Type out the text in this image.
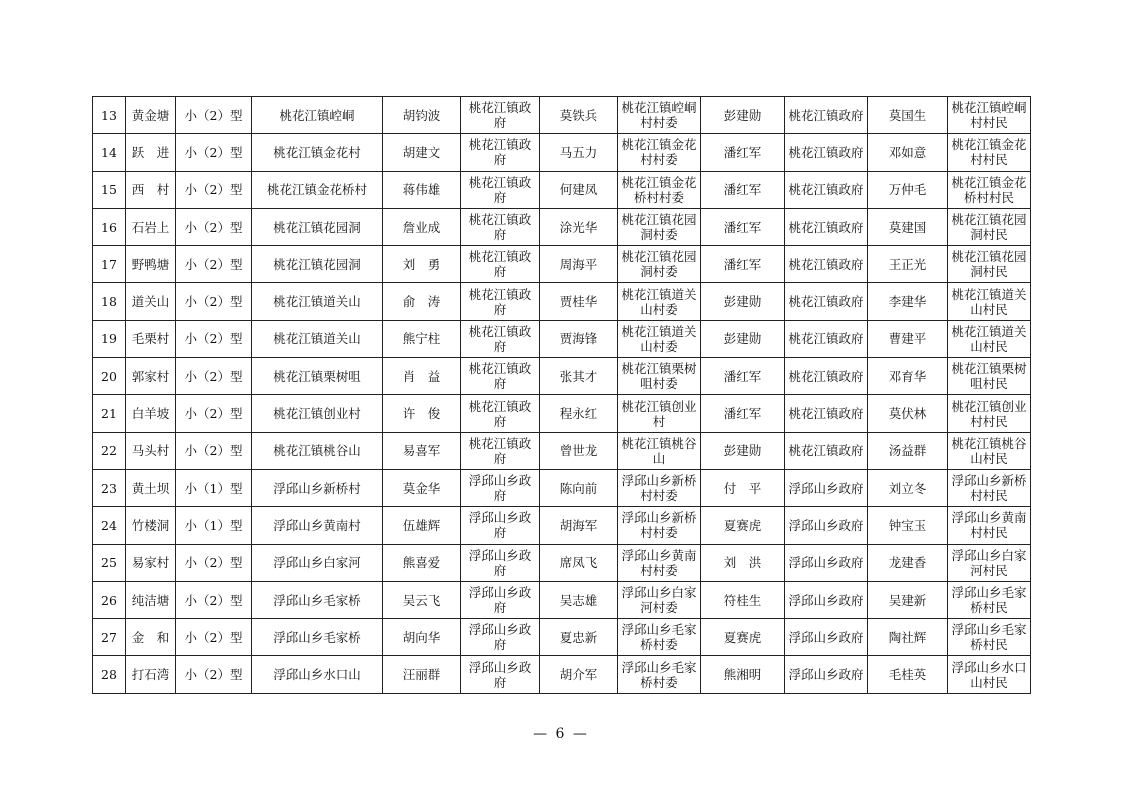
13	黄金塘	小（2）型	桃花江镇崆峒	胡钧波	桃花江镇政府	莫铁兵	桃花江镇崆峒村村委	彭建勋	桃花江镇政府	莫国生	桃花江镇崆峒村村民
14	跃　进	小（2）型	桃花江镇金花村	胡建文	桃花江镇政府	马五力	桃花江镇金花村村委	潘红军	桃花江镇政府	邓如意	桃花江镇金花村村民
15	西　村	小（2）型	桃花江镇金花桥村	蒋伟雄	桃花江镇政府	何建凤	桃花江镇金花桥村村委	潘红军	桃花江镇政府	万仲毛	桃花江镇金花桥村村民
16	石岩上	小（2）型	桃花江镇花园洞	詹业成	桃花江镇政府	涂光华	桃花江镇花园洞村委	潘红军	桃花江镇政府	莫建国	桃花江镇花园洞村民
17	野鸭塘	小（2）型	桃花江镇花园洞	刘　勇	桃花江镇政府	周海平	桃花江镇花园洞村委	潘红军	桃花江镇政府	王正光	桃花江镇花园洞村民
18	道关山	小（2）型	桃花江镇道关山	俞　涛	桃花江镇政府	贾桂华	桃花江镇道关山村委	彭建勋	桃花江镇政府	李建华	桃花江镇道关山村民
19	毛栗村	小（2）型	桃花江镇道关山	熊宁柱	桃花江镇政府	贾海锋	桃花江镇道关山村委	彭建勋	桃花江镇政府	曹建平	桃花江镇道关山村民
20	郭家村	小（2）型	桃花江镇栗树咀	肖　益	桃花江镇政府	张其才	桃花江镇栗树咀村委	潘红军	桃花江镇政府	邓育华	桃花江镇栗树咀村民
21	白羊坡	小（2）型	桃花江镇创业村	许　俊	桃花江镇政府	程永红	桃花江镇创业村	潘红军	桃花江镇政府	莫伏林	桃花江镇创业村村民
22	马头村	小（2）型	桃花江镇桃谷山	易喜军	桃花江镇政府	曾世龙	桃花江镇桃谷山	彭建勋	桃花江镇政府	汤益群	桃花江镇桃谷山村民
23	黄土坝	小（1）型	浮邱山乡新桥村	莫金华	浮邱山乡政府	陈向前	浮邱山乡新桥村村委	付　平	浮邱山乡政府	刘立冬	浮邱山乡新桥村村民
24	竹楼洞	小（1）型	浮邱山乡黄南村	伍雄辉	浮邱山乡政府	胡海军	浮邱山乡新桥村村委	夏赛虎	浮邱山乡政府	钟宝玉	浮邱山乡黄南村村民
25	易家村	小（2）型	浮邱山乡白家河	熊喜爱	浮邱山乡政府	席凤飞	浮邱山乡黄南村村委	刘　洪	浮邱山乡政府	龙建香	浮邱山乡白家河村民
26	纯洁塘	小（2）型	浮邱山乡毛家桥	吴云飞	浮邱山乡政府	吴志雄	浮邱山乡白家河村委	符桂生	浮邱山乡政府	吴建新	浮邱山乡毛家桥村民
27	金　和	小（2）型	浮邱山乡毛家桥	胡向华	浮邱山乡政府	夏忠新	浮邱山乡毛家桥村委	夏赛虎	浮邱山乡政府	陶社辉	浮邱山乡毛家桥村民
28	打石湾	小（2）型	浮邱山乡水口山	汪丽群	浮邱山乡政府	胡介军	浮邱山乡毛家桥村委	熊湘明	浮邱山乡政府	毛桂英	浮邱山乡水口山村民
— 6 —
